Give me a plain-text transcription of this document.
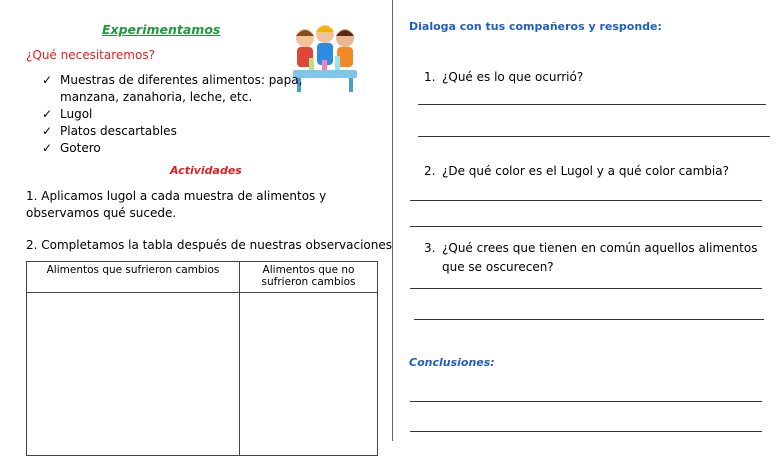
Experimentamos
¿Qué necesitaremos?
✓ Muestras de diferentes alimentos: papa,
manzana, zanahoria, leche, etc.
✓ Lugol
✓ Platos descartables
✓ Gotero
Actividades
1. Aplicamos lugol a cada muestra de alimentos y observamos qué sucede.
2. Completamos la tabla después de nuestras observaciones
Alimentos que sufrieron cambios	Alimentos que no sufrieron cambios

Dialoga con tus compañeros y responde:
1. ¿Qué es lo que ocurrió?
2. ¿De qué color es el Lugol y a qué color cambia?
3. ¿Qué crees que tienen en común aquellos alimentos que se oscurecen?
Conclusiones:
